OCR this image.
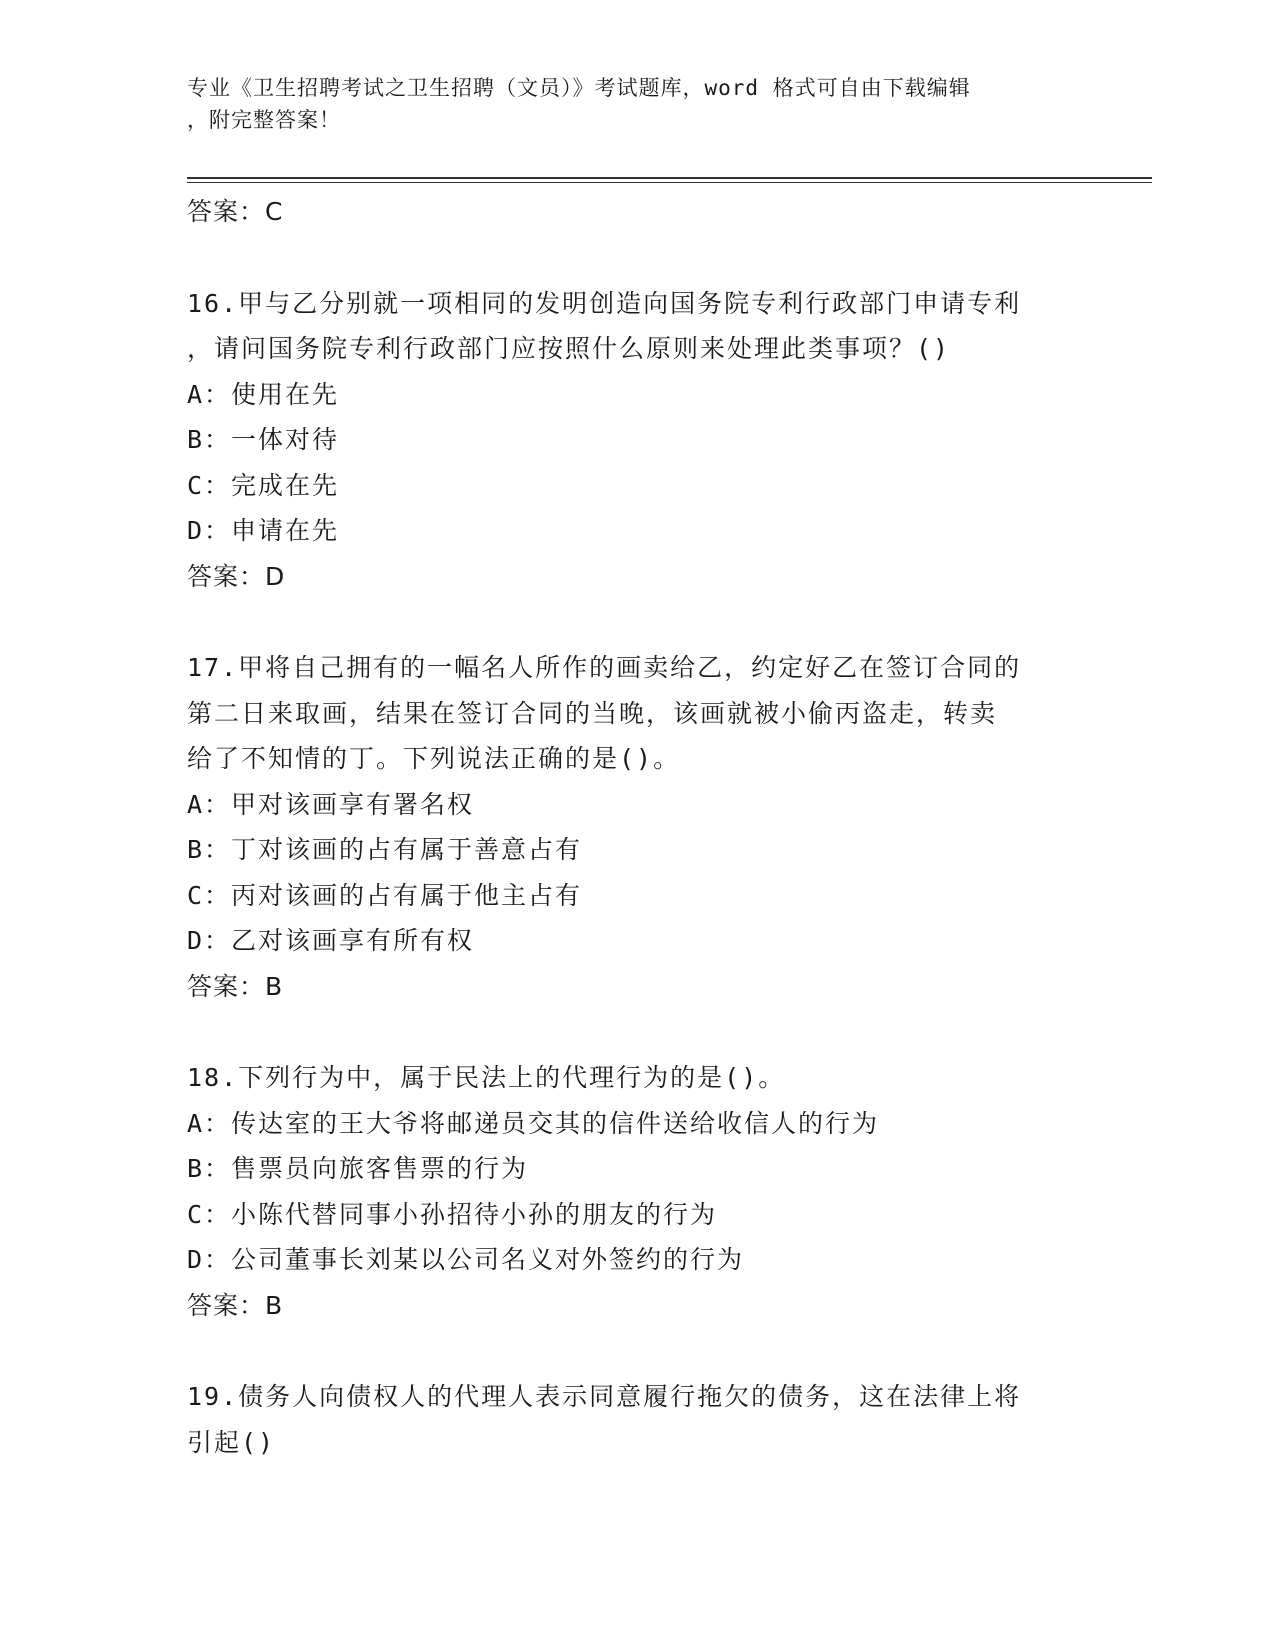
专业《卫生招聘考试之卫生招聘（文员）》考试题库，word 格式可自由下载编辑
，附完整答案！
答案：C
16.甲与乙分别就一项相同的发明创造向国务院专利行政部门申请专利
，请问国务院专利行政部门应按照什么原则来处理此类事项？()
A：使用在先
B：一体对待
C：完成在先
D：申请在先
答案：D
17.甲将自己拥有的一幅名人所作的画卖给乙，约定好乙在签订合同的
第二日来取画，结果在签订合同的当晚，该画就被小偷丙盗走，转卖
给了不知情的丁。下列说法正确的是()。
A：甲对该画享有署名权
B：丁对该画的占有属于善意占有
C：丙对该画的占有属于他主占有
D：乙对该画享有所有权
答案：B
18.下列行为中，属于民法上的代理行为的是()。
A：传达室的王大爷将邮递员交其的信件送给收信人的行为
B：售票员向旅客售票的行为
C：小陈代替同事小孙招待小孙的朋友的行为
D：公司董事长刘某以公司名义对外签约的行为
答案：B
19.债务人向债权人的代理人表示同意履行拖欠的债务，这在法律上将
引起()
